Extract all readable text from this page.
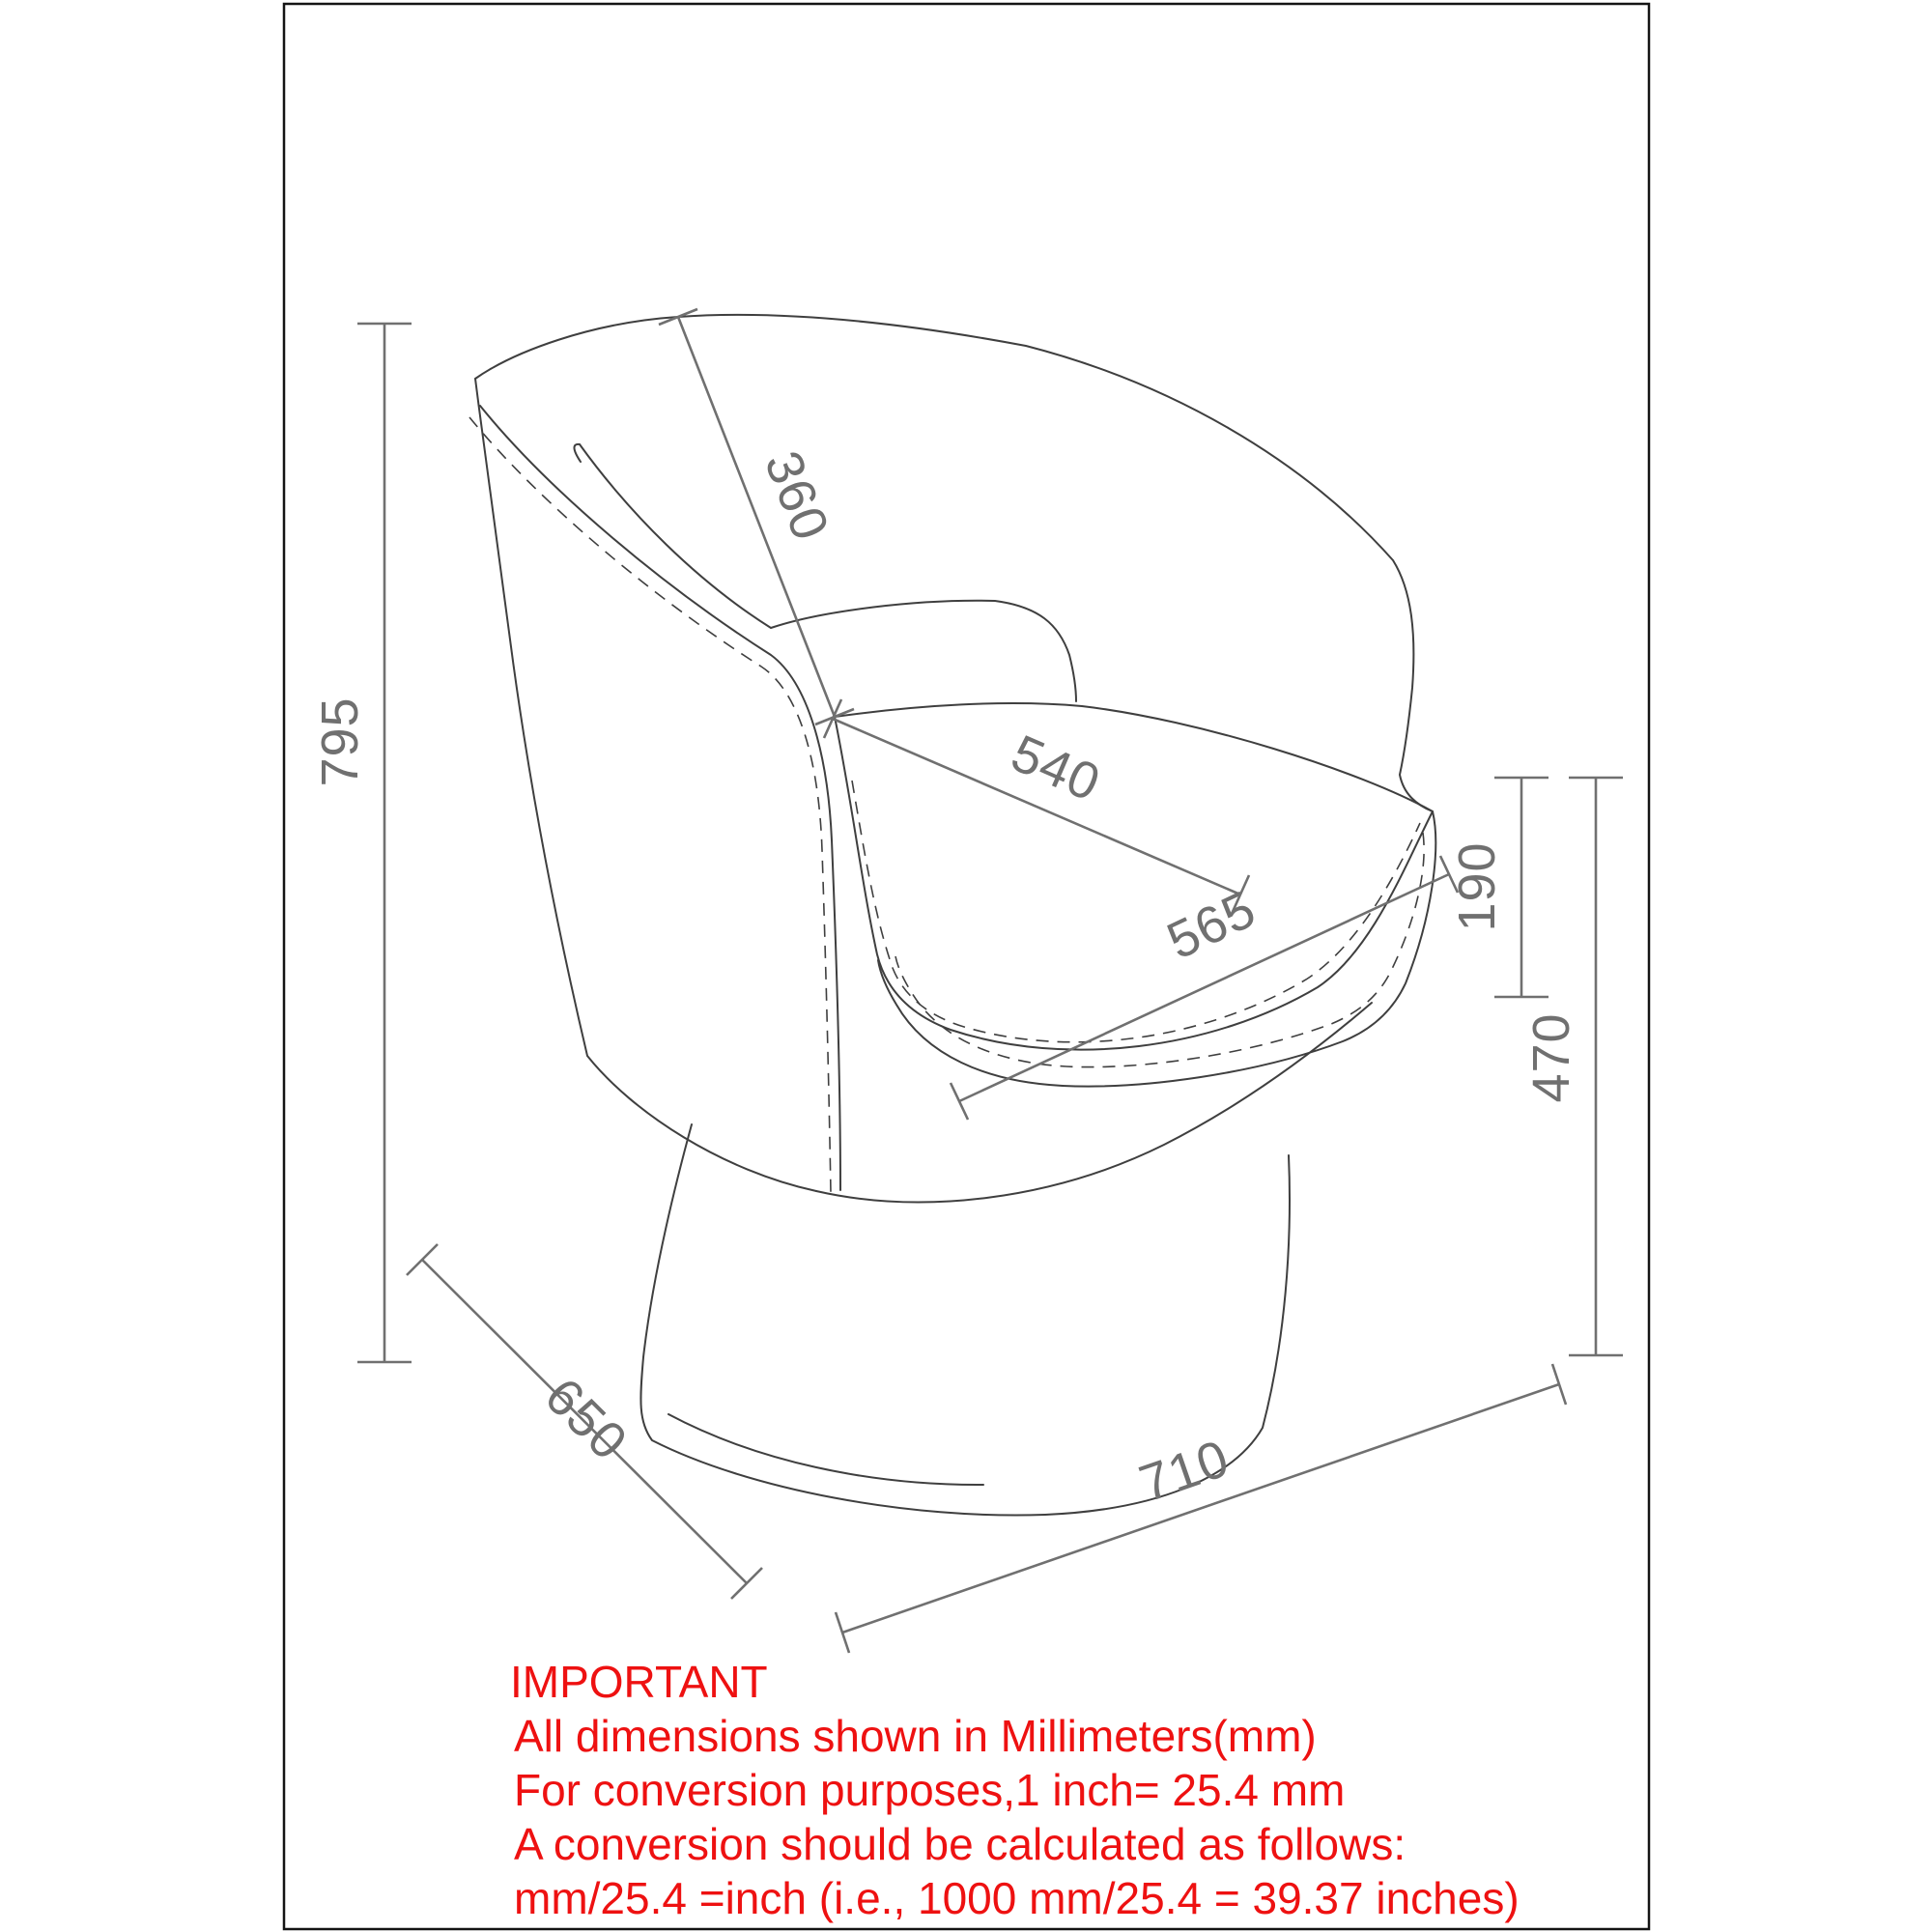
795
360
540
565	190
470
650	710
IMPORTANT
All dimensions shown in Millimeters(mm)
For conversion purposes,1 inch= 25.4 mm
A conversion should be calculated as follows:
mm/25.4 =inch (i.e., 1000 mm/25.4 = 39.37 inches)
